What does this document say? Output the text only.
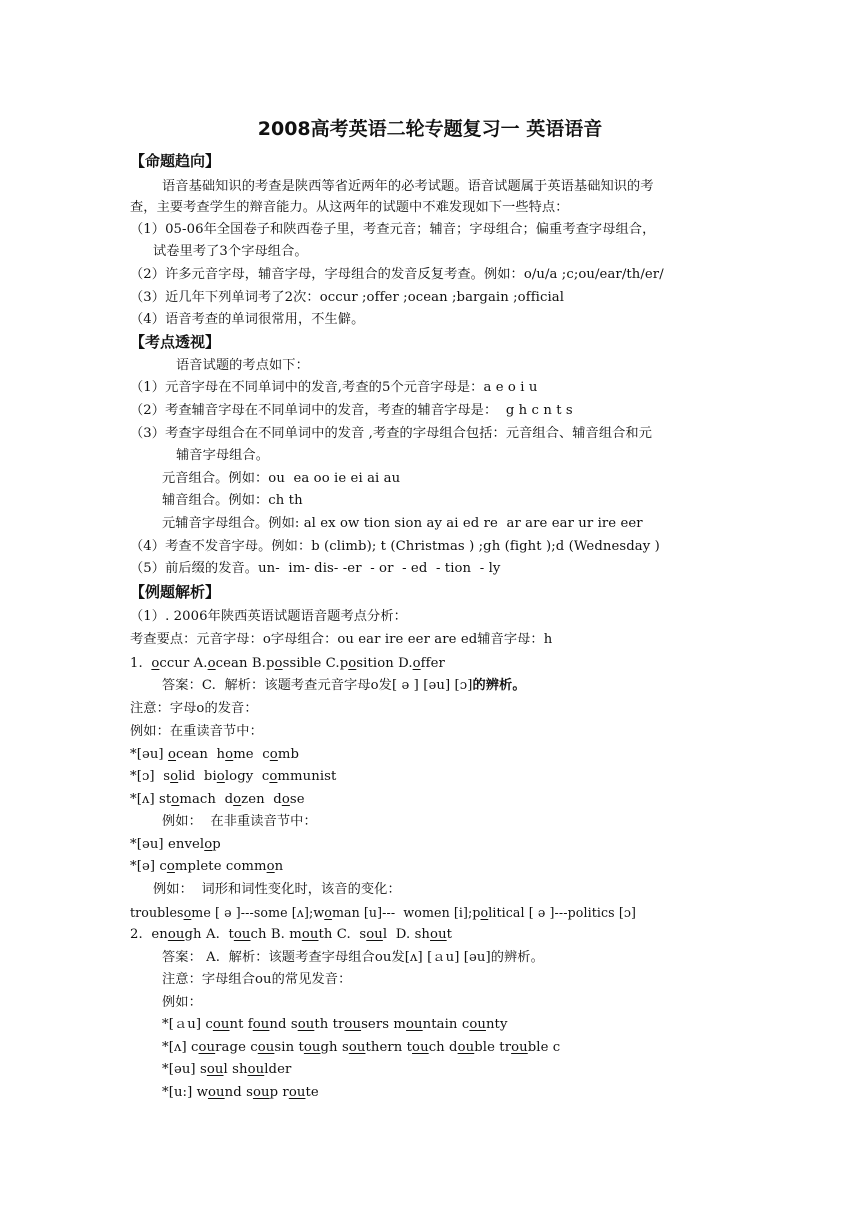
2008高考英语二轮专题复习一 英语语音
【命题趋向】
语音基础知识的考查是陕西等省近两年的必考试题。语音试题属于英语基础知识的考
查，主要考查学生的辩音能力。从这两年的试题中不难发现如下一些特点：
（1）05-06年全国卷子和陕西卷子里，考查元音；辅音；字母组合；偏重考查字母组合，
试卷里考了3个字母组合。
（2）许多元音字母，辅音字母，字母组合的发音反复考查。例如：o/u/a ;c;ou/ear/th/er/
（3）近几年下列单词考了2次：occur ;offer ;ocean ;bargain ;official
（4）语音考查的单词很常用，不生僻。
【考点透视】
语音试题的考点如下：
（1）元音字母在不同单词中的发音,考查的5个元音字母是：a e o i u
（2）考查辅音字母在不同单词中的发音，考查的辅音字母是：  g h c n t s
（3）考查字母组合在不同单词中的发音 ,考查的字母组合包括：元音组合、辅音组合和元
辅音字母组合。
元音组合。例如：ou  ea oo ie ei ai au
辅音组合。例如：ch th
元辅音字母组合。例如: al ex ow tion sion ay ai ed re  ar are ear ur ire eer
（4）考查不发音字母。例如：b (climb); t (Christmas ) ;gh (fight );d (Wednesday )
（5）前后缀的发音。un-  im- dis- -er  - or  - ed  - tion  - ly
【例题解析】
（1）. 2006年陕西英语试题语音题考点分析：
考查要点：元音字母：o字母组合：ou ear ire eer are ed辅音字母：h
1.  occur A.ocean B.possible C.position D.offer
答案：C.  解析：该题考查元音字母o发[ ə ] [əu] [ɔ]的辨析。
注意：字母o的发音：
例如：在重读音节中：
*[əu] ocean  home  comb
*[ɔ]  solid  biology  communist
*[ʌ] stomach  dozen  dose
例如：  在非重读音节中：
*[əu] envelop
*[ə] complete common
例如：  词形和词性变化时，该音的变化：
troublesome [ ə ]---some [ʌ];woman [u]---  women [i];political [ ə ]---politics [ɔ]
2.  enough A.  touch B. mouth C.  soul  D. shout
答案： A.  解析：该题考查字母组合ou发[ʌ] [ａu] [əu]的辨析。
注意：字母组合ou的常见发音：
例如：
*[ａu] count found south trousers mountain county
*[ʌ] courage cousin tough southern touch double trouble c
*[əu] soul shoulder
*[u:] wound soup route
